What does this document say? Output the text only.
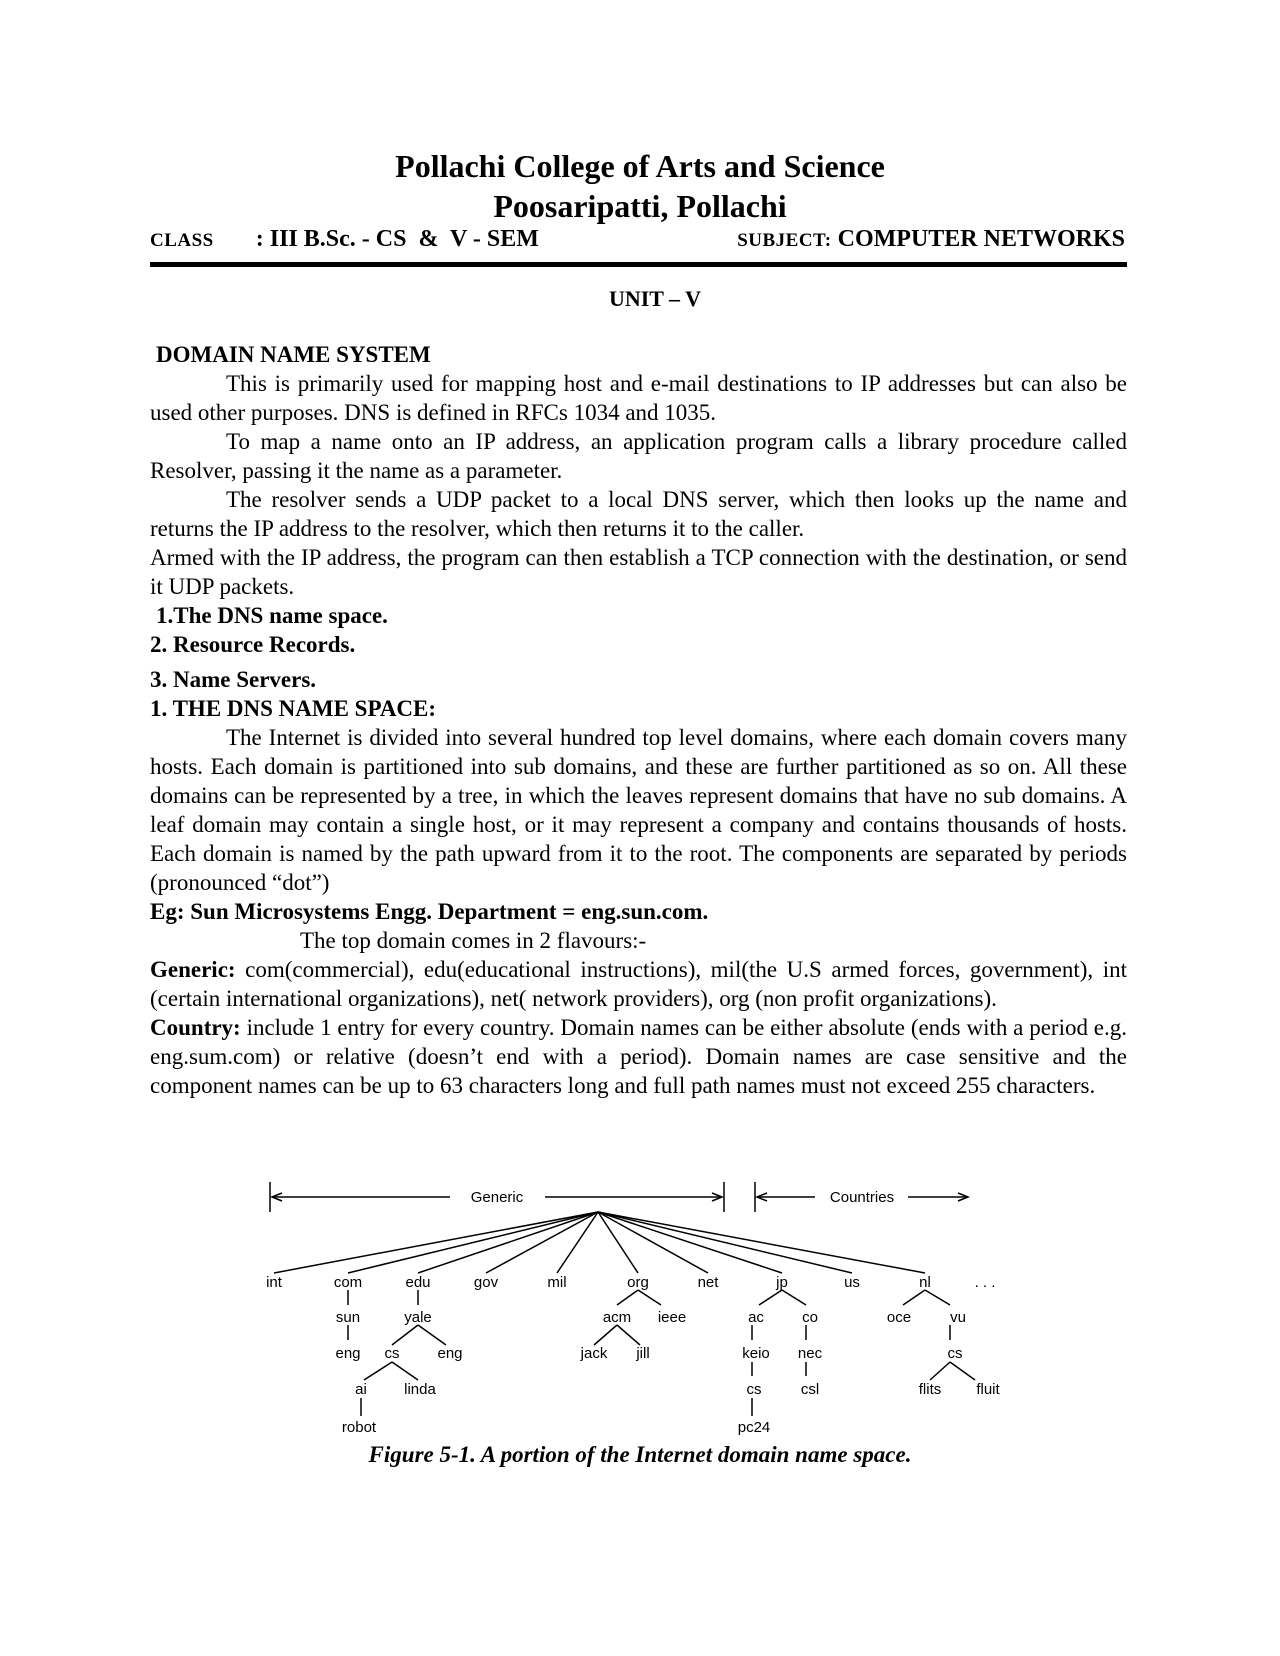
Pollachi College of Arts and Science
Poosaripatti, Pollachi
CLASS : III B.Sc. - CS  &  V - SEM	SUBJECT: COMPUTER NETWORKS
UNIT – V

DOMAIN NAME SYSTEM

This is primarily used for mapping host and e-mail destinations to IP addresses but can also be used other purposes. DNS is defined in RFCs 1034 and 1035.

To map a name onto an IP address, an application program calls a library procedure called Resolver, passing it the name as a parameter.

The resolver sends a UDP packet to a local DNS server, which then looks up the name and returns the IP address to the resolver, which then returns it to the caller.

Armed with the IP address, the program can then establish a TCP connection with the destination, or send it UDP packets.

1.The DNS name space.

2. Resource Records.

3. Name Servers.

1. THE DNS NAME SPACE:

The Internet is divided into several hundred top level domains, where each domain covers many hosts. Each domain is partitioned into sub domains, and these are further partitioned as so on. All these domains can be represented by a tree, in which the leaves represent domains that have no sub domains. A leaf domain may contain a single host, or it may represent a company and contains thousands of hosts. Each domain is named by the path upward from it to the root. The components are separated by periods (pronounced “dot”)

Eg: Sun Microsystems Engg. Department = eng.sun.com.

The top domain comes in 2 flavours:-

Generic: com(commercial), edu(educational instructions), mil(the U.S armed forces, government), int (certain international organizations), net( network providers), org (non profit organizations).

Country: include 1 entry for every country. Domain names can be either absolute (ends with a period e.g. eng.sum.com) or relative (doesn’t end with a period). Domain names are case sensitive and the component names can be up to 63 characters long and full path names must not exceed 255 characters.

Generic	Countries
int	com	edu	gov	mil	org	net	jp	us	nl	. . .
sun
eng
yale
cs	eng
ai linda
robot
acm ieee
jack jill
ac	co
keio nec
cs	csl
pc24
oce	vu
cs
flits fluit
Figure 5-1. A portion of the Internet domain name space.
